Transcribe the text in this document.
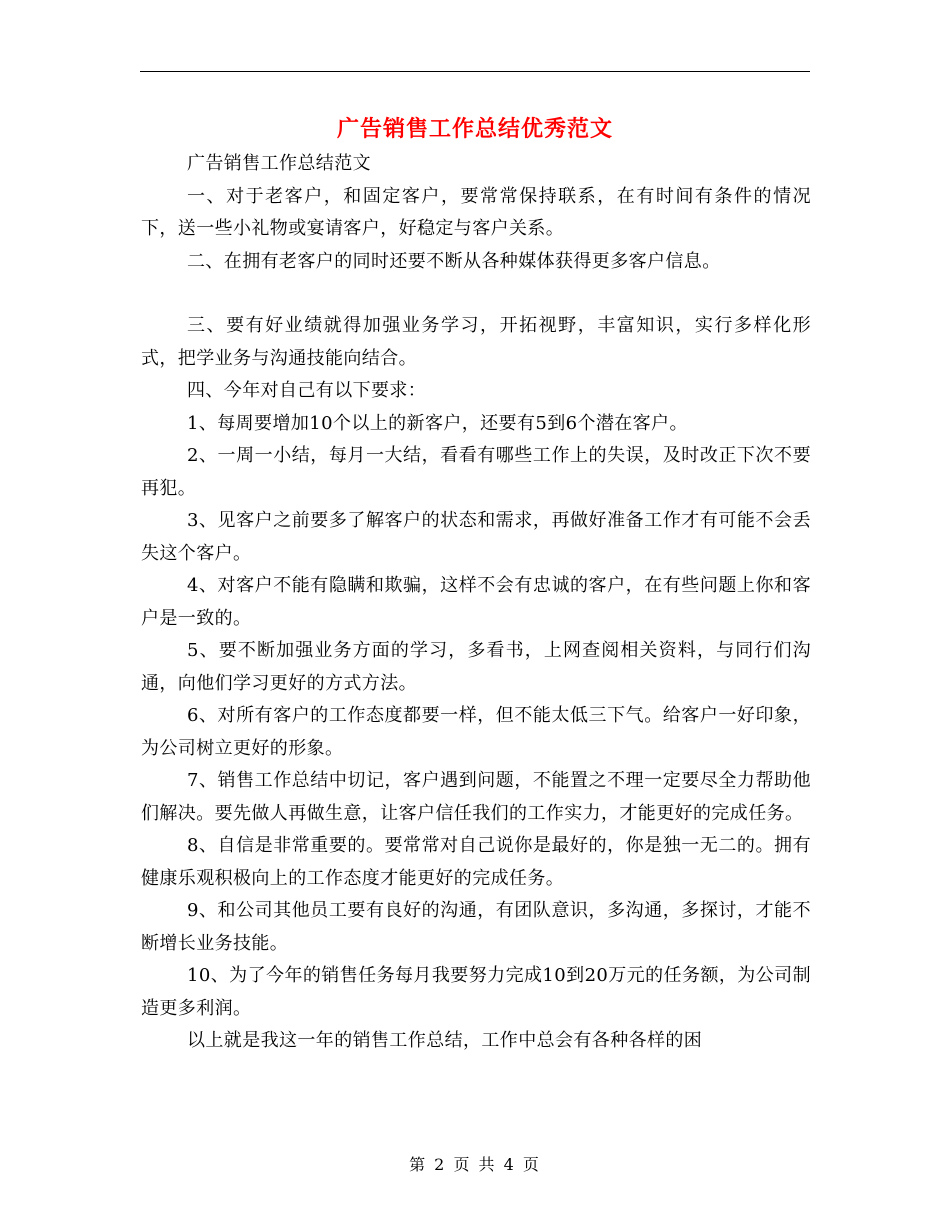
广告销售工作总结优秀范文

广告销售工作总结范文

一、对于老客户，和固定客户，要常常保持联系，在有时间有条件的情况下，送一些小礼物或宴请客户，好稳定与客户关系。

二、在拥有老客户的同时还要不断从各种媒体获得更多客户信息。

三、要有好业绩就得加强业务学习，开拓视野，丰富知识，实行多样化形式，把学业务与沟通技能向结合。

四、今年对自己有以下要求：

1、每周要增加10个以上的新客户，还要有5到6个潜在客户。

2、一周一小结，每月一大结，看看有哪些工作上的失误，及时改正下次不要再犯。

3、见客户之前要多了解客户的状态和需求，再做好准备工作才有可能不会丢失这个客户。

4、对客户不能有隐瞒和欺骗，这样不会有忠诚的客户，在有些问题上你和客户是一致的。

5、要不断加强业务方面的学习，多看书，上网查阅相关资料，与同行们沟通，向他们学习更好的方式方法。

6、对所有客户的工作态度都要一样，但不能太低三下气。给客户一好印象，为公司树立更好的形象。

7、销售工作总结中切记，客户遇到问题，不能置之不理一定要尽全力帮助他们解决。要先做人再做生意，让客户信任我们的工作实力，才能更好的完成任务。

8、自信是非常重要的。要常常对自己说你是最好的，你是独一无二的。拥有健康乐观积极向上的工作态度才能更好的完成任务。

9、和公司其他员工要有良好的沟通，有团队意识，多沟通，多探讨，才能不断增长业务技能。

10、为了今年的销售任务每月我要努力完成10到20万元的任务额，为公司制造更多利润。

以上就是我这一年的销售工作总结，工作中总会有各种各样的困

第 2 页 共 4 页
